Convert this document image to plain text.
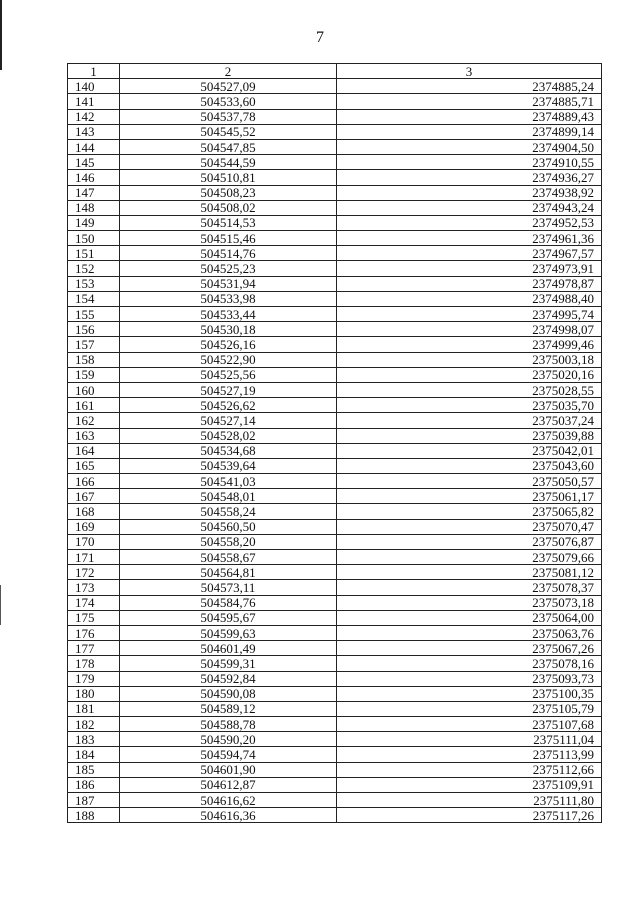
7
1	2	3
140	504527,09	2374885,24
141	504533,60	2374885,71
142	504537,78	2374889,43
143	504545,52	2374899,14
144	504547,85	2374904,50
145	504544,59	2374910,55
146	504510,81	2374936,27
147	504508,23	2374938,92
148	504508,02	2374943,24
149	504514,53	2374952,53
150	504515,46	2374961,36
151	504514,76	2374967,57
152	504525,23	2374973,91
153	504531,94	2374978,87
154	504533,98	2374988,40
155	504533,44	2374995,74
156	504530,18	2374998,07
157	504526,16	2374999,46
158	504522,90	2375003,18
159	504525,56	2375020,16
160	504527,19	2375028,55
161	504526,62	2375035,70
162	504527,14	2375037,24
163	504528,02	2375039,88
164	504534,68	2375042,01
165	504539,64	2375043,60
166	504541,03	2375050,57
167	504548,01	2375061,17
168	504558,24	2375065,82
169	504560,50	2375070,47
170	504558,20	2375076,87
171	504558,67	2375079,66
172	504564,81	2375081,12
173	504573,11	2375078,37
174	504584,76	2375073,18
175	504595,67	2375064,00
176	504599,63	2375063,76
177	504601,49	2375067,26
178	504599,31	2375078,16
179	504592,84	2375093,73
180	504590,08	2375100,35
181	504589,12	2375105,79
182	504588,78	2375107,68
183	504590,20	2375111,04
184	504594,74	2375113,99
185	504601,90	2375112,66
186	504612,87	2375109,91
187	504616,62	2375111,80
188	504616,36	2375117,26
